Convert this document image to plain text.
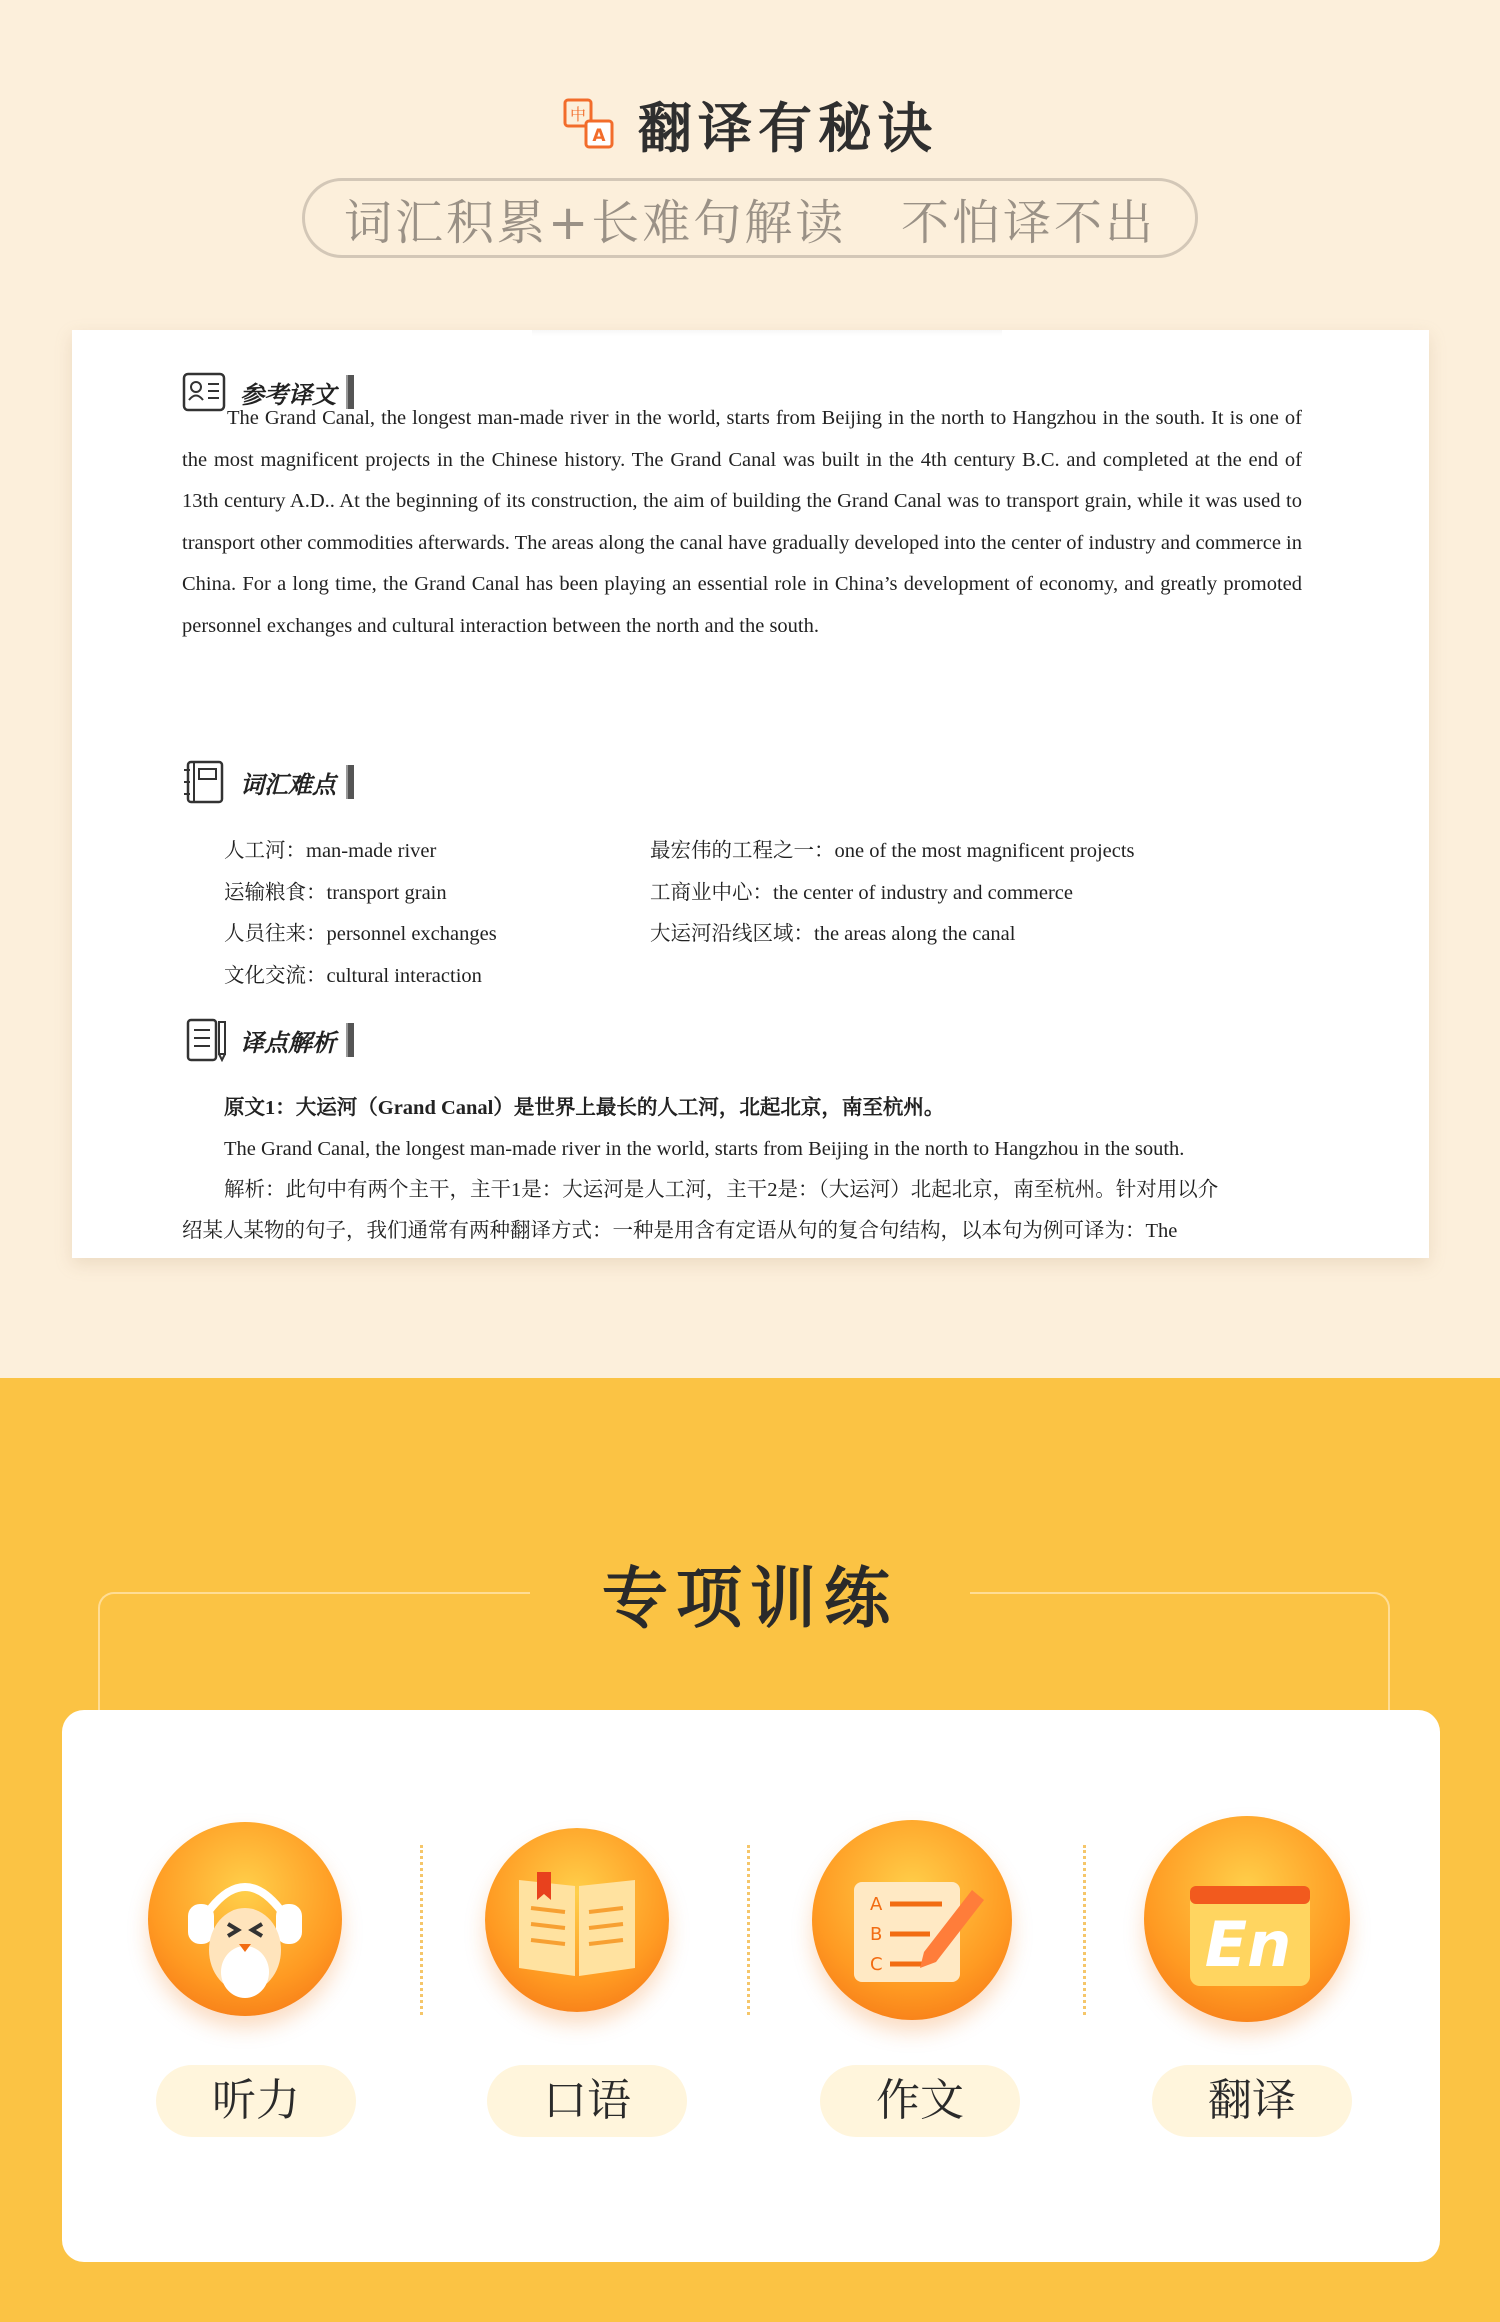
中
A 翻译有秘诀
词汇积累+长难句解读   不怕译不出
参考译文
The Grand Canal, the longest man-made river in the world, starts from Beijing in the north to Hangzhou in the south. It is one of the most magnificent projects in the Chinese history. The Grand Canal was built in the 4th century B.C. and completed at the end of 13th century A.D.. At the beginning of its construction, the aim of building the Grand Canal was to transport grain, while it was used to transport other commodities afterwards. The areas along the canal have gradually developed into the center of industry and commerce in China. For a long time, the Grand Canal has been playing an essential role in China’s development of economy, and greatly promoted personnel exchanges and cultural interaction between the north and the south.
词汇难点
人工河：man-made river
运输粮食：transport grain
人员往来：personnel exchanges
文化交流：cultural interaction
最宏伟的工程之一：one of the most magnificent projects
工商业中心：the center of industry and commerce
大运河沿线区域：the areas along the canal
译点解析
原文1：大运河（Grand Canal）是世界上最长的人工河，北起北京，南至杭州。
The Grand Canal, the longest man-made river in the world, starts from Beijing in the north to Hangzhou in the south.
解析：此句中有两个主干，主干1是：大运河是人工河，主干2是：（大运河）北起北京，南至杭州。针对用以介
绍某人某物的句子，我们通常有两种翻译方式：一种是用含有定语从句的复合句结构，以本句为例可译为：The
专项训练
听力	口语
A
B
C
作文
En
翻译
